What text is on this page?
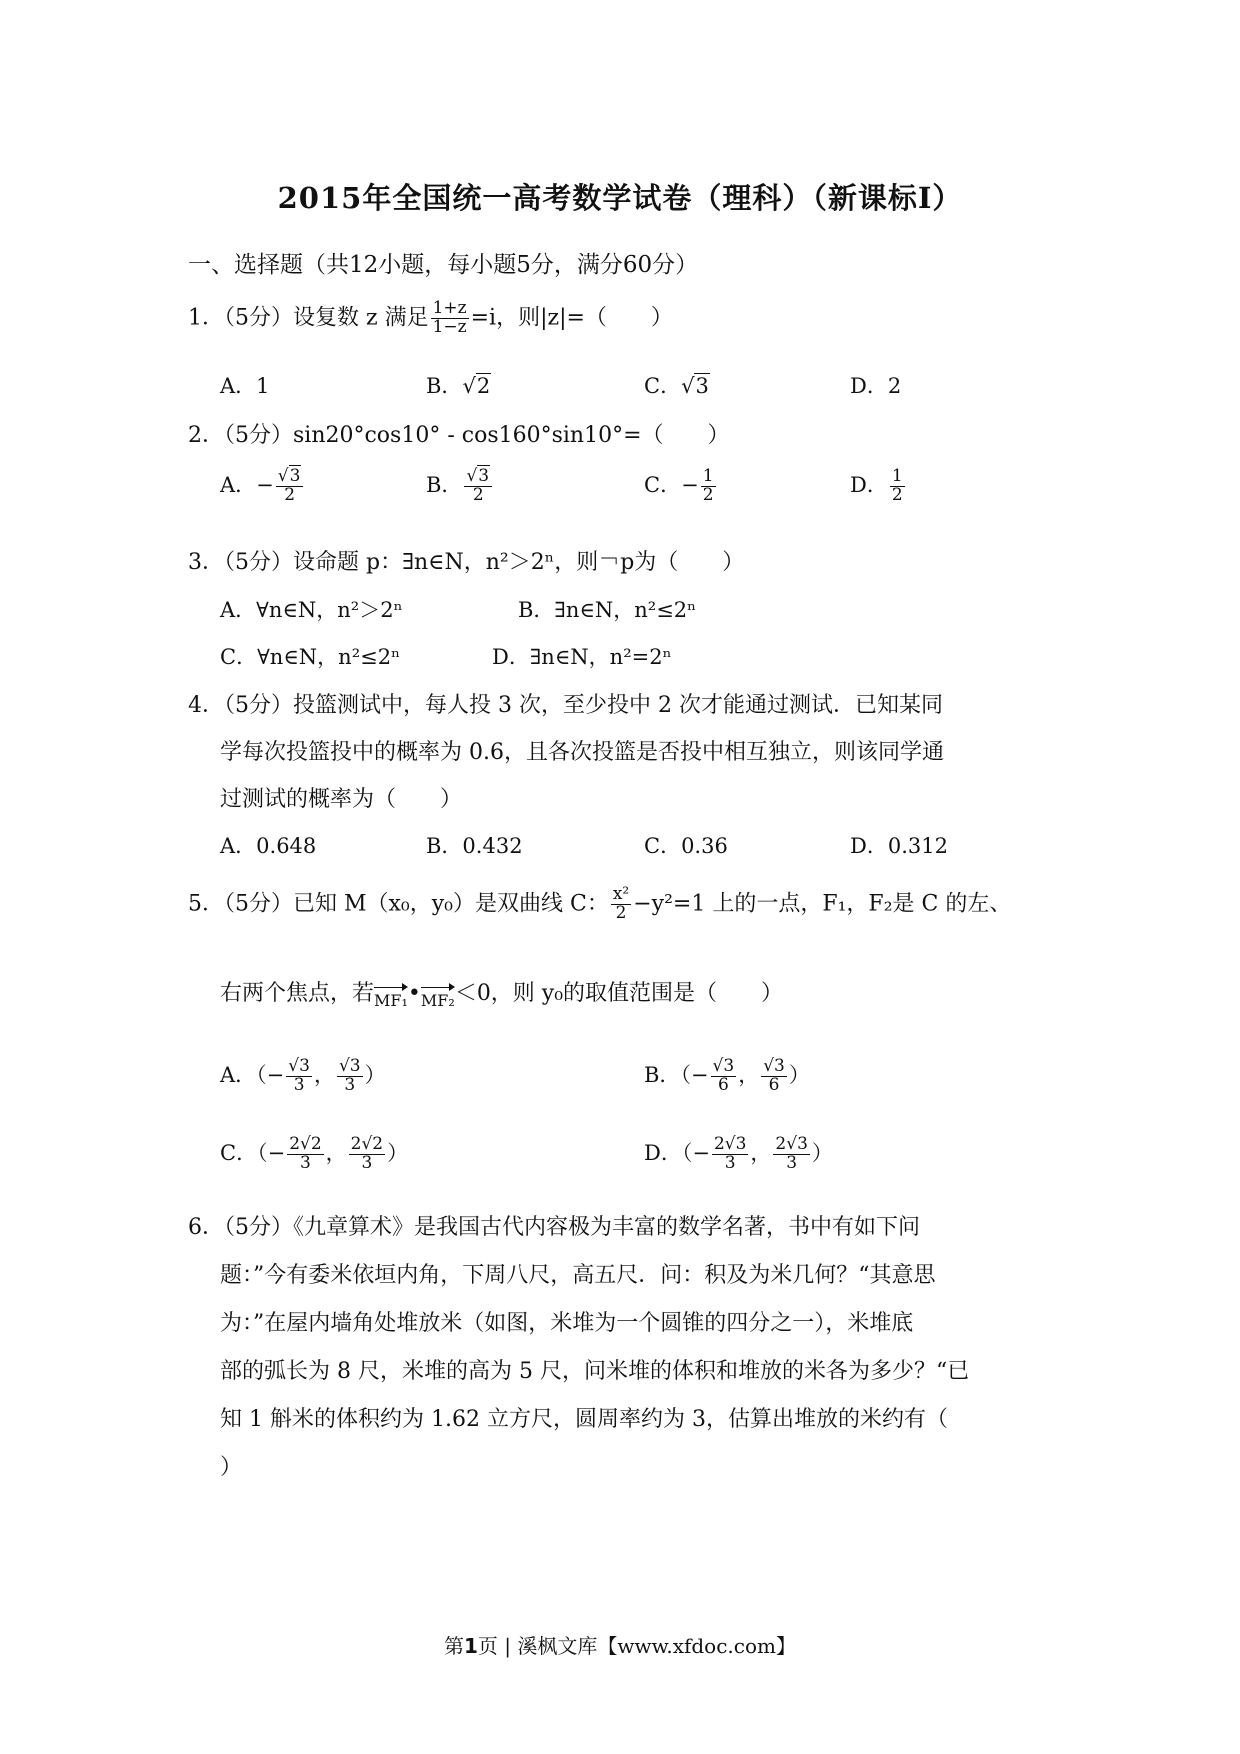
2015年全国统一高考数学试卷（理科）（新课标Ⅰ）
一、选择题（共12小题，每小题5分，满分60分）
1．（5分）设复数 z 满足 $\frac{1+z}{1-z} =i$，则|z|=（　　）
A．1	B．√2	C．√3	D．2
2．（5分）sin20°cos10° - cos160°sin10°=（　　）
A．− $\frac{√3}{2}$	B． $\frac{√3}{2}$	C．− $\frac{1}{2}$	D． $\frac{1}{2}$
3．（5分）设命题 p：∃n∈N，n²＞2ⁿ，则￢p为（　　）
A．∀n∈N，n²＞2ⁿ	B．∃n∈N，n²≤2ⁿ
C．∀n∈N，n²≤2ⁿ	D．∃n∈N，n²=2ⁿ
4．（5分）投篮测试中，每人投 3 次，至少投中 2 次才能通过测试．已知某同
学每次投篮投中的概率为 0.6，且各次投篮是否投中相互独立，则该同学通
过测试的概率为（　　）
A．0.648	B．0.432	C．0.36	D．0.312
5．（5分）已知 M（x₀，y₀）是双曲线 C： $\frac{\text{x²}}{2} -y^2=1$ 上的一点，F₁，F₂是 C 的左、
右两个焦点，若MF₁•MF₂＜0，则 y₀的取值范围是（　　）
A．（− $\frac{√3}{3}$ ， $\frac{√3}{3}$ ）	B．（− $\frac{√3}{6}$ ， $\frac{√3}{6}$ ）
C．（− $\frac{2√2}{3}$ ， $\frac{2√2}{3}$ ）	D．（− $\frac{2√3}{3}$ ， $\frac{2√3}{3}$ ）
6．（5分）《九章算术》是我国古代内容极为丰富的数学名著，书中有如下问
题：”今有委米依垣内角，下周八尺，高五尺．问：积及为米几何？“其意思
为：”在屋内墙角处堆放米（如图，米堆为一个圆锥的四分之一），米堆底
部的弧长为 8 尺，米堆的高为 5 尺，问米堆的体积和堆放的米各为多少？“已
知 1 斛米的体积约为 1.62 立方尺，圆周率约为 3，估算出堆放的米约有（
）
第1页 | 溪枫文库【www.xfdoc.com】
